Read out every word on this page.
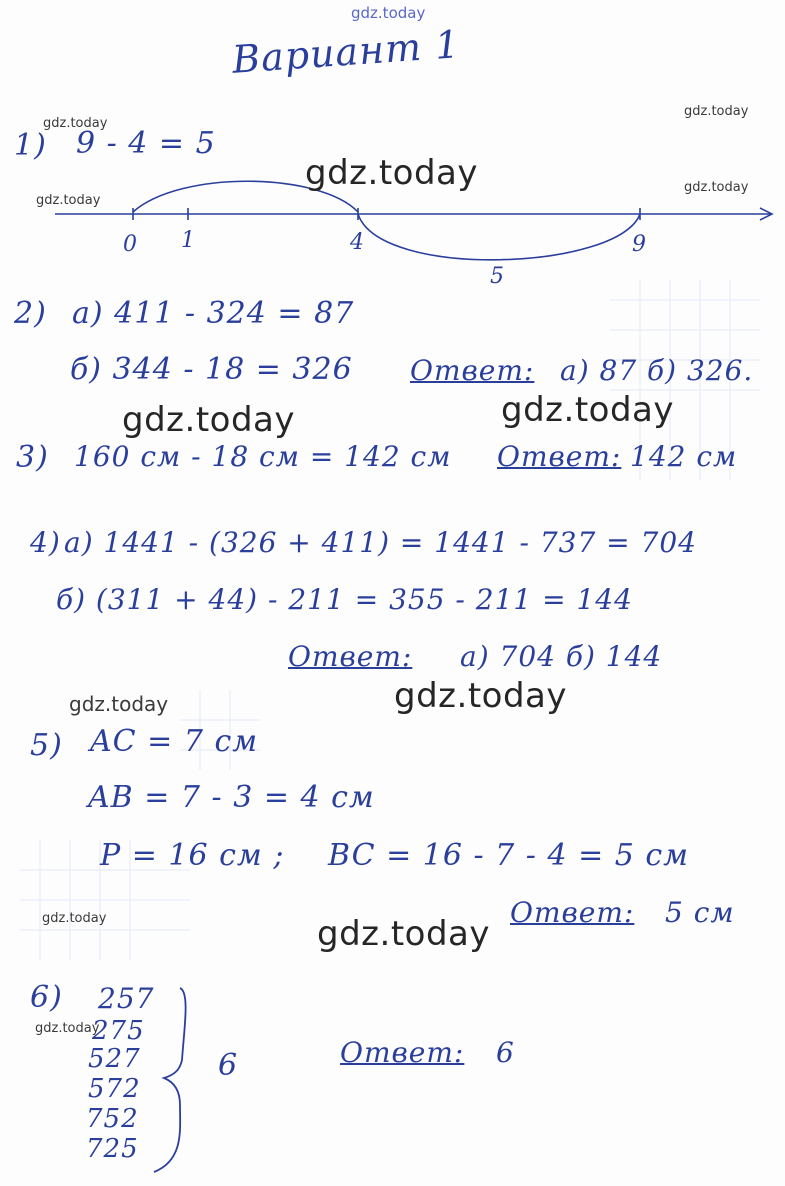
gdz.today
Вариант 1
gdz.today
gdz.today
gdz.today
gdz.today
gdz.today
gdz.today
1) 9 - 4 = 5
0 1	4	9
5
gdz.today
2) а) 411 - 324 = 87
б) 344 - 18 = 326 Ответ: а) 87 б) 326.
gdz.today	gdz.today
3) 160 см - 18 см = 142 см Ответ: 142 см
4) а) 1441 - (326 + 411) = 1441 - 737 = 704
б) (311 + 44) - 211 = 355 - 211 = 144
Ответ: а) 704 б) 144
gdz.today	gdz.today
5) AC = 7 см
AB = 7 - 3 = 4 см
P = 16 см ; BC = 16 - 7 - 4 = 5 см
Ответ: 5 см
gdz.today
6) 257
275
527
572
752
725
6	Ответ: 6
